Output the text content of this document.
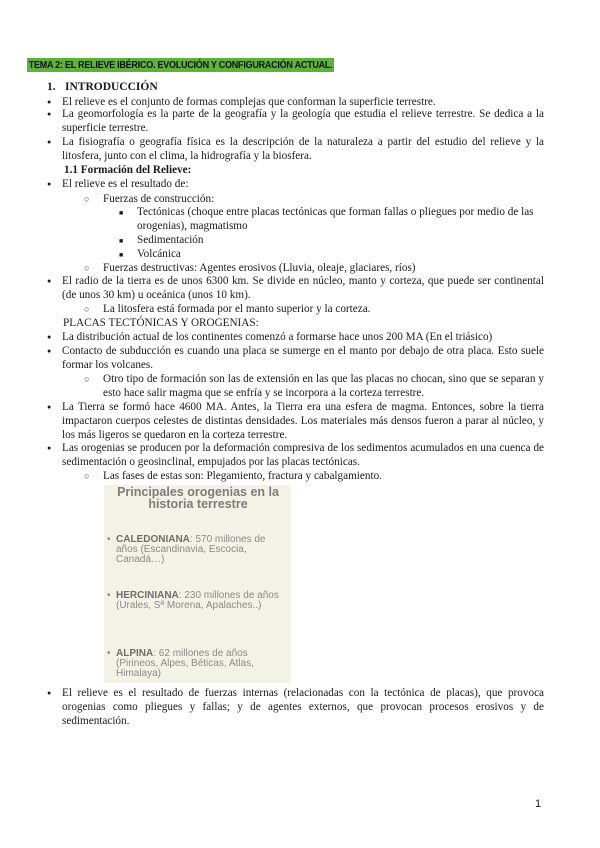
TEMA 2: EL RELIEVE IBÉRICO. EVOLUCIÓN Y CONFIGURACIÓN ACTUAL.
1. INTRODUCCIÓN
● El relieve es el conjunto de formas complejas que conforman la superficie terrestre.
● La geomorfología es la parte de la geografía y la geología que estudia el relieve terrestre. Se dedica a la superficie terrestre.
● La fisiografía o geografía física es la descripción de la naturaleza a partir del estudio del relieve y la litosfera, junto con el clima, la hidrografía y la biosfera.
1.1 Formación del Relieve:
● El relieve es el resultado de:
○ Fuerzas de construcción:
■ Tectónicas (choque entre placas tectónicas que forman fallas o pliegues por medio de las orogenias), magmatismo
■ Sedimentación
■ Volcánica
○ Fuerzas destructivas: Agentes erosivos (Lluvia, oleaje, glaciares, ríos)
● El radio de la tierra es de unos 6300 km. Se divide en núcleo, manto y corteza, que puede ser continental (de unos 30 km) u oceánica (unos 10 km).
○ La litosfera está formada por el manto superior y la corteza.
PLACAS TECTÓNICAS Y OROGENIAS:
● La distribución actual de los continentes comenzó a formarse hace unos 200 MA (En el triásico)
● Contacto de subducción es cuando una placa se sumerge en el manto por debajo de otra placa. Esto suele formar los volcanes.
○ Otro tipo de formación son las de extensión en las que las placas no chocan, sino que se separan y esto hace salir magma que se enfría y se incorpora a la corteza terrestre.
● La Tierra se formó hace 4600 MA. Antes, la Tierra era una esfera de magma. Entonces, sobre la tierra impactaron cuerpos celestes de distintas densidades. Los materiales más densos fueron a parar al núcleo, y los más ligeros se quedaron en la corteza terrestre.
● Las orogenias se producen por la deformación compresiva de los sedimentos acumulados en una cuenca de sedimentación o geosinclinal, empujados por las placas tectónicas.
○ Las fases de estas son: Plegamiento, fractura y cabalgamiento.
Principales orogenias en la historia terrestre
• CALEDONIANA: 570 millones de años (Escandinavia, Escocia, Canadá…)
• HERCINIANA: 230 millones de años (Urales, Sª Morena, Apalaches..)
• ALPINA: 62 millones de años (Pirineos, Alpes, Béticas, Atlas, Himalaya)
● El relieve es el resultado de fuerzas internas (relacionadas con la tectónica de placas), que provoca orogenias como pliegues y fallas; y de agentes externos, que provocan procesos erosivos y de sedimentación.
1
